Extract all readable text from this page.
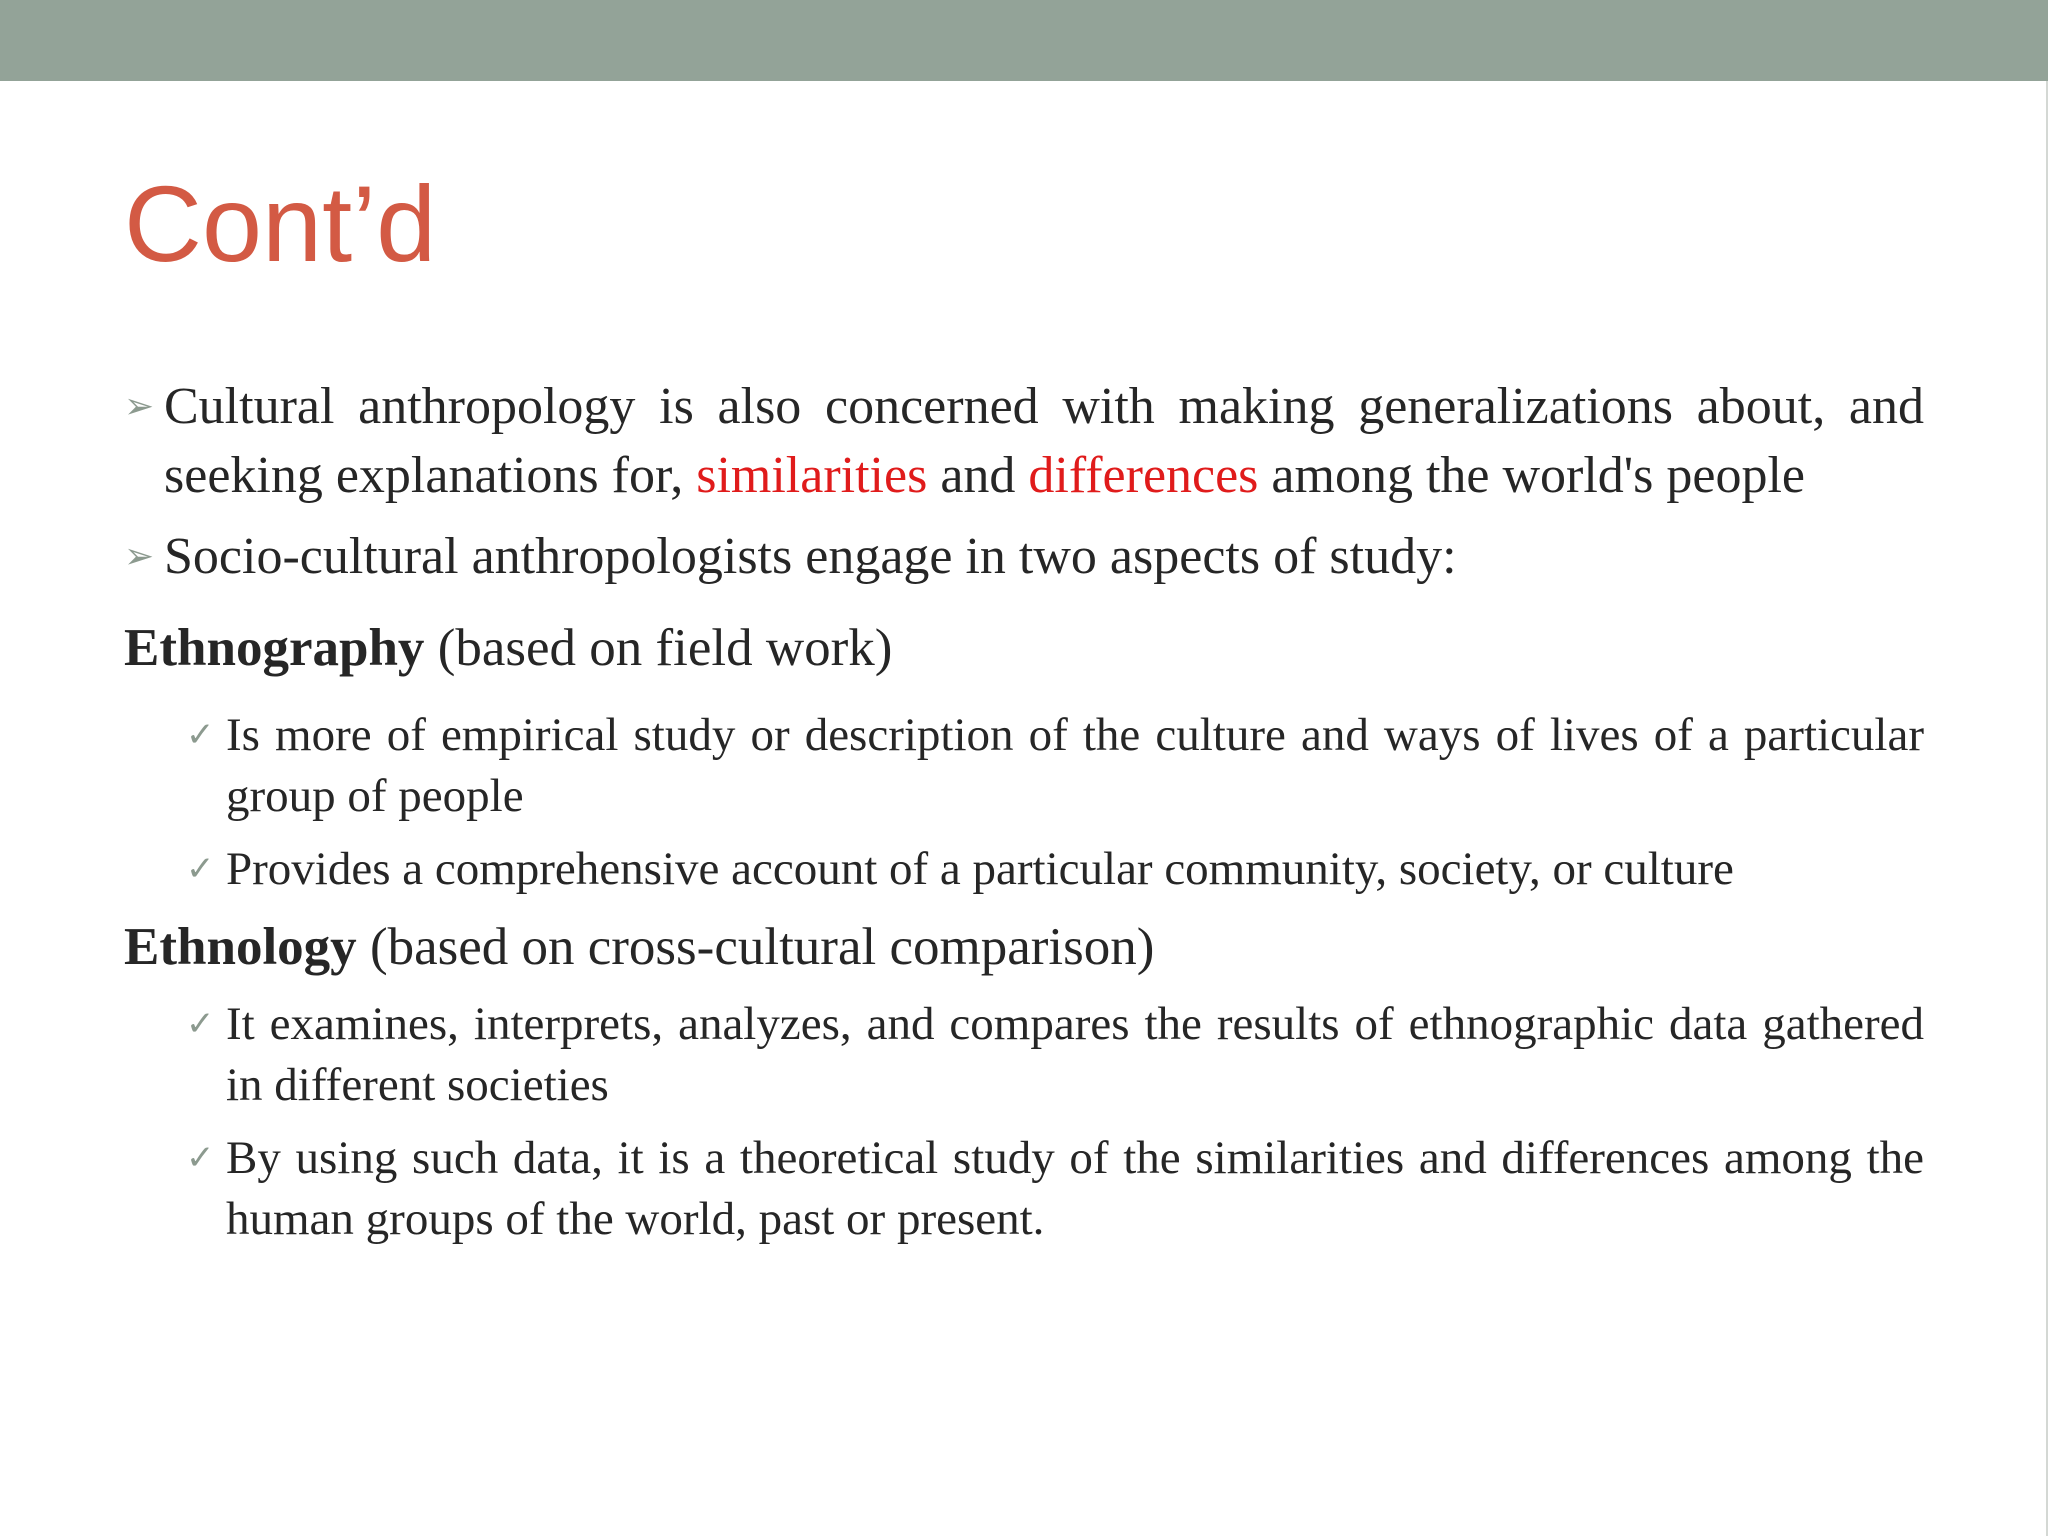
Cont’d
➢ Cultural anthropology is also concerned with making generalizations about, and seeking explanations for, similarities and differences among the world's people
➢ Socio-cultural anthropologists engage in two aspects of study:
Ethnography (based on field work)
✓ Is more of empirical study or description of the culture and ways of lives of a particular group of people
✓ Provides a comprehensive account of a particular community, society, or culture
Ethnology (based on cross-cultural comparison)
✓ It examines, interprets, analyzes, and compares the results of ethnographic data gathered in different societies
✓ By using such data, it is a theoretical study of the similarities and differences among the human groups of the world, past or present.
